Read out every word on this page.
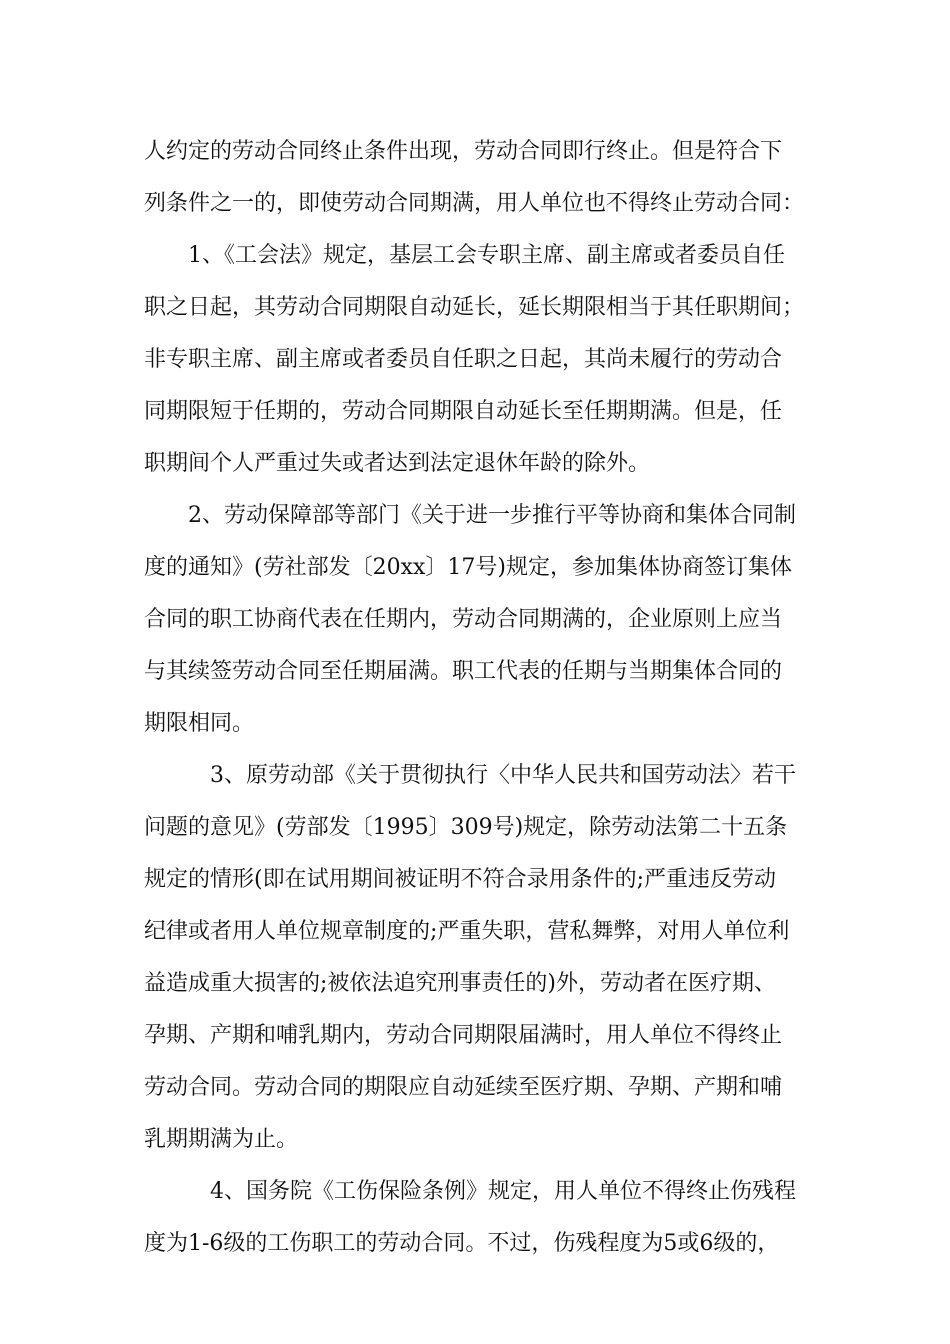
人约定的劳动合同终止条件出现，劳动合同即行终止。但是符合下
列条件之一的，即使劳动合同期满，用人单位也不得终止劳动合同：
1、《工会法》规定，基层工会专职主席、副主席或者委员自任
职之日起，其劳动合同期限自动延长，延长期限相当于其任职期间；
非专职主席、副主席或者委员自任职之日起，其尚未履行的劳动合
同期限短于任期的，劳动合同期限自动延长至任期期满。但是，任
职期间个人严重过失或者达到法定退休年龄的除外。
2、劳动保障部等部门《关于进一步推行平等协商和集体合同制
度的通知》(劳社部发〔20xx〕17号)规定，参加集体协商签订集体
合同的职工协商代表在任期内，劳动合同期满的，企业原则上应当
与其续签劳动合同至任期届满。职工代表的任期与当期集体合同的
期限相同。
3、原劳动部《关于贯彻执行〈中华人民共和国劳动法〉若干
问题的意见》(劳部发〔1995〕309号)规定，除劳动法第二十五条
规定的情形(即在试用期间被证明不符合录用条件的;严重违反劳动
纪律或者用人单位规章制度的;严重失职，营私舞弊，对用人单位利
益造成重大损害的;被依法追究刑事责任的)外，劳动者在医疗期、
孕期、产期和哺乳期内，劳动合同期限届满时，用人单位不得终止
劳动合同。劳动合同的期限应自动延续至医疗期、孕期、产期和哺
乳期期满为止。
4、国务院《工伤保险条例》规定，用人单位不得终止伤残程
度为1-6级的工伤职工的劳动合同。不过，伤残程度为5或6级的，
